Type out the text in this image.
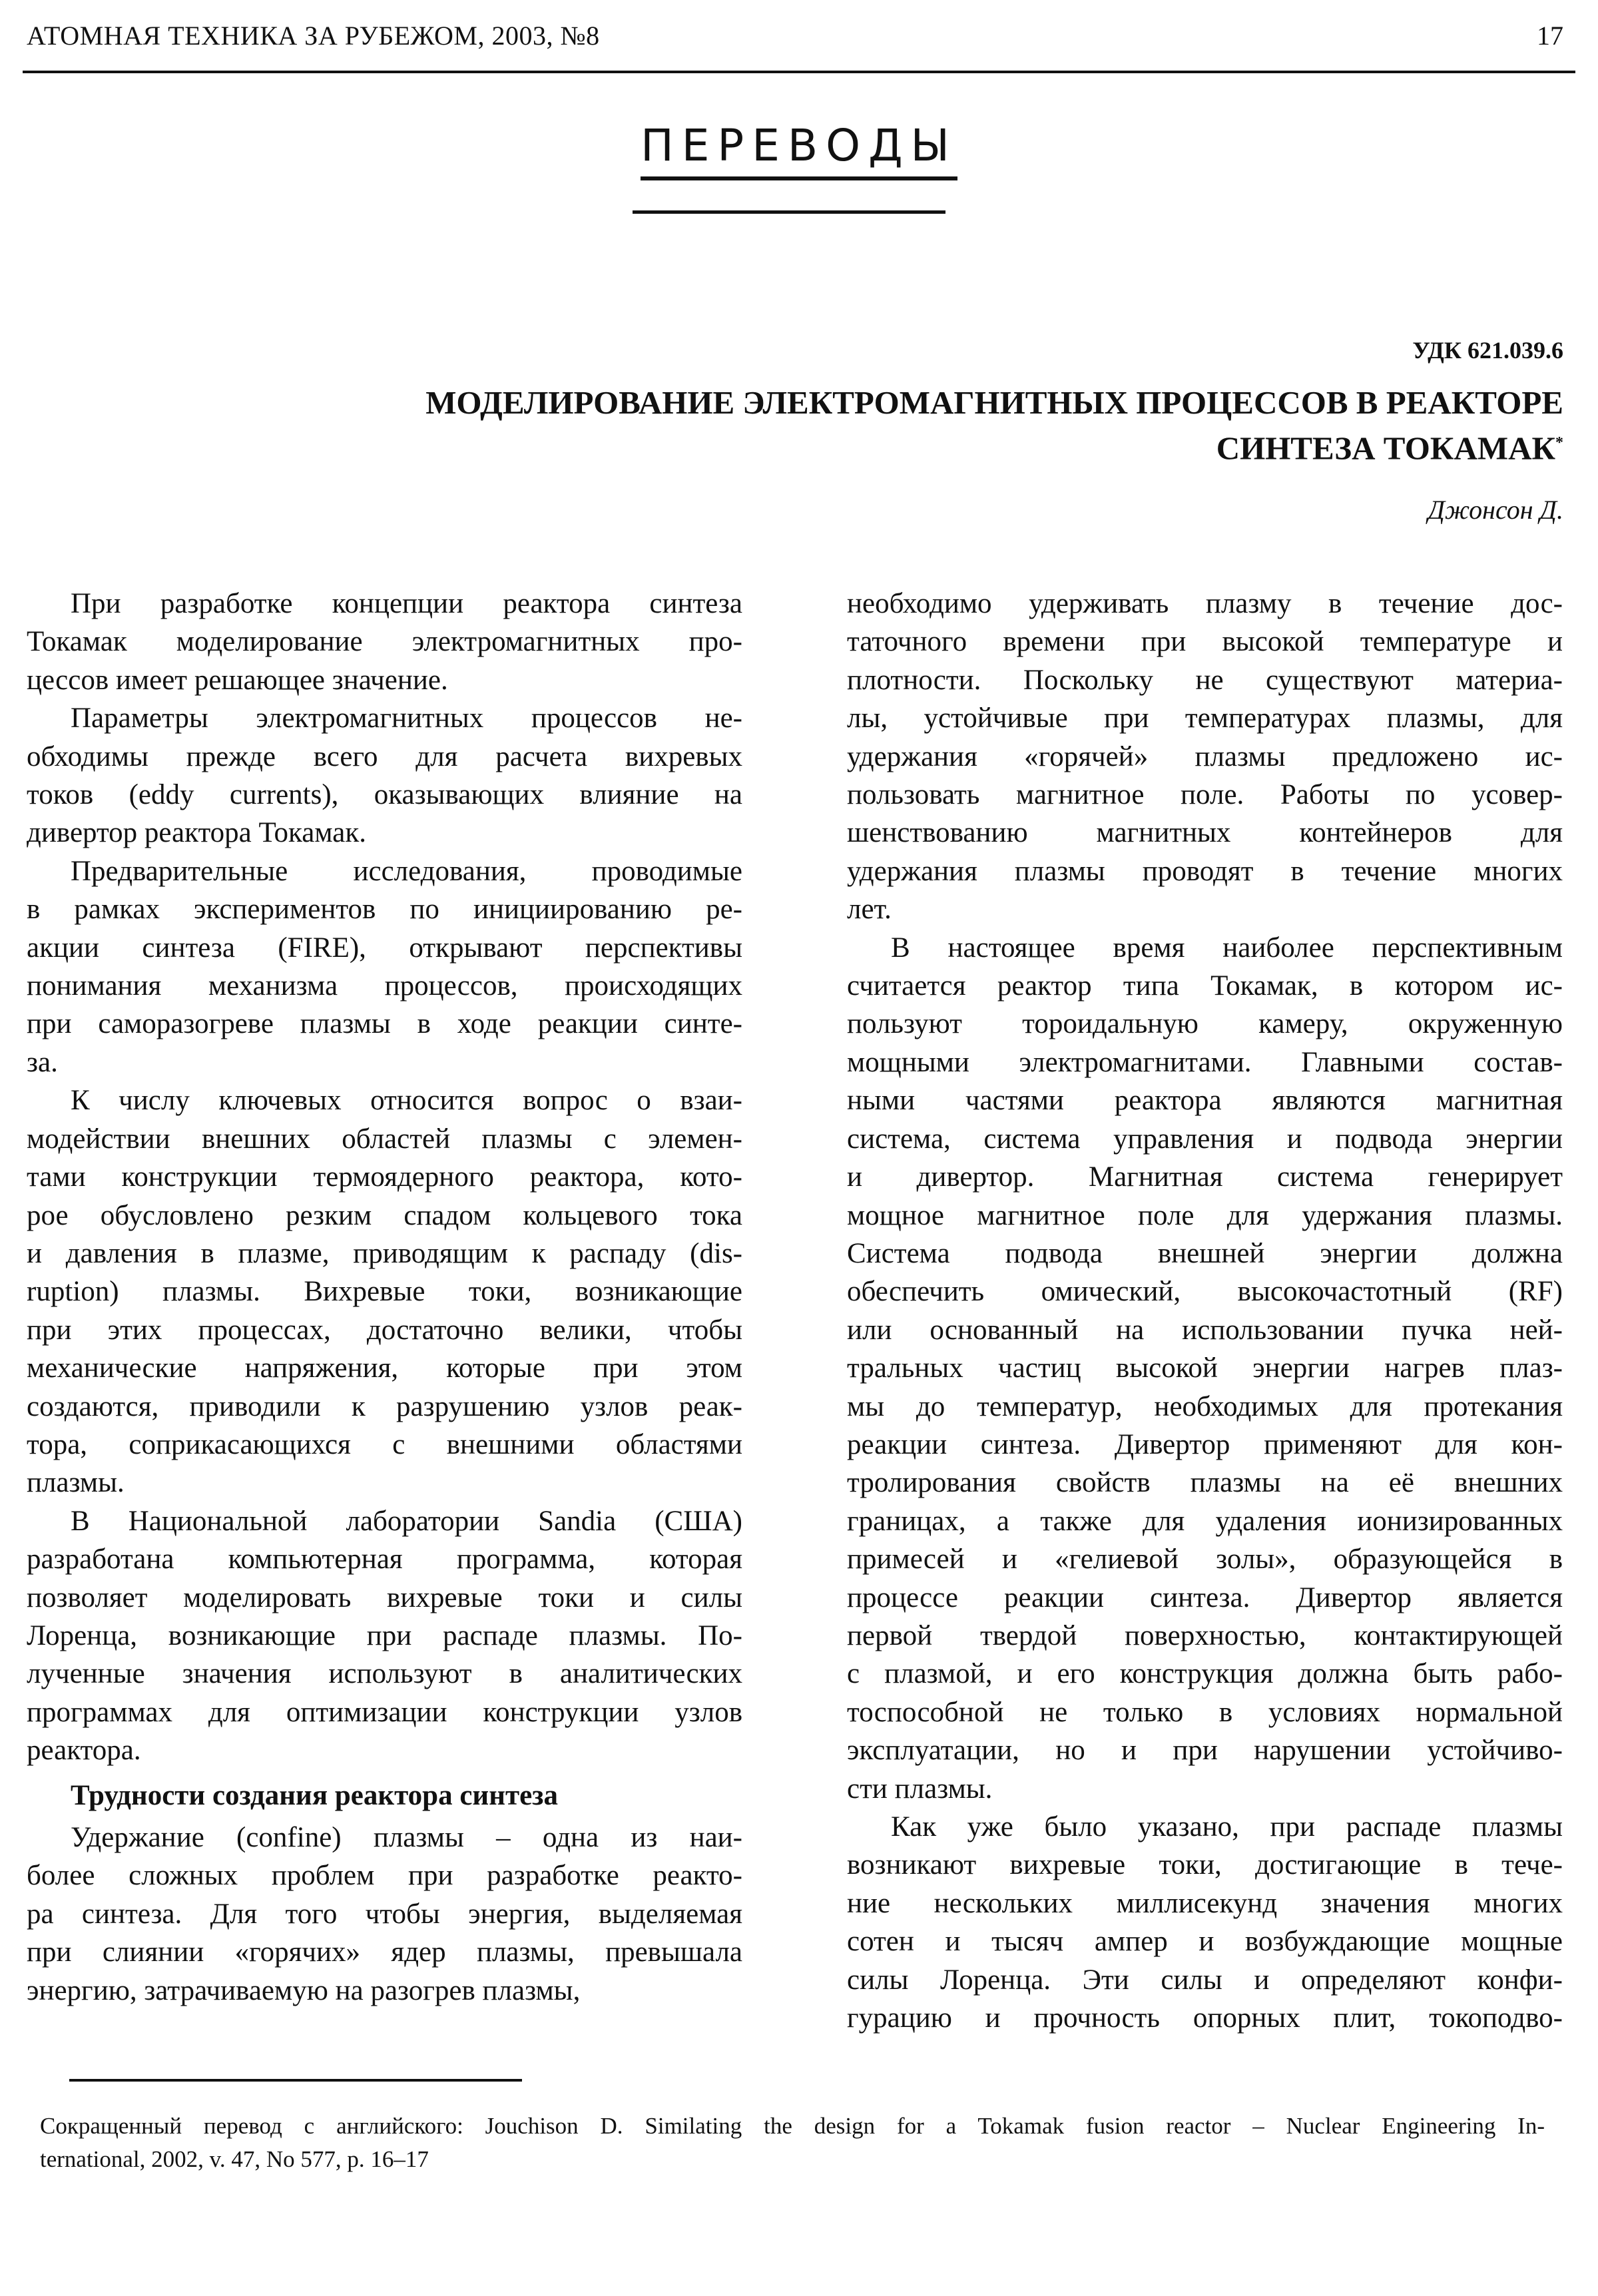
АТОМНАЯ ТЕХНИКА ЗА РУБЕЖОМ, 2003, №8	17
ПЕРЕВОДЫ
УДК 621.039.6
МОДЕЛИРОВАНИЕ ЭЛЕКТРОМАГНИТНЫХ ПРОЦЕССОВ В РЕАКТОРЕ
СИНТЕЗА ТОКАМАК*
Джонсон Д.
При разработке концепции реактора синтеза
Токамак моделирование электромагнитных про-
цессов имеет решающее значение.
Параметры электромагнитных процессов не-
обходимы прежде всего для расчета вихревых
токов (eddy currents), оказывающих влияние на
дивертор реактора Токамак.
Предварительные исследования, проводимые
в рамках экспериментов по инициированию ре-
акции синтеза (FIRE), открывают перспективы
понимания механизма процессов, происходящих
при саморазогреве плазмы в ходе реакции синте-
за.
К числу ключевых относится вопрос о взаи-
модействии внешних областей плазмы с элемен-
тами конструкции термоядерного реактора, кото-
рое обусловлено резким спадом кольцевого тока
и давления в плазме, приводящим к распаду (dis-
ruption) плазмы. Вихревые токи, возникающие
при этих процессах, достаточно велики, чтобы
механические напряжения, которые при этом
создаются, приводили к разрушению узлов реак-
тора, соприкасающихся с внешними областями
плазмы.
В Национальной лаборатории Sandia (США)
разработана компьютерная программа, которая
позволяет моделировать вихревые токи и силы
Лоренца, возникающие при распаде плазмы. По-
лученные значения используют в аналитических
программах для оптимизации конструкции узлов
реактора.
Трудности создания реактора синтеза
Удержание (confine) плазмы – одна из наи-
более сложных проблем при разработке реакто-
ра синтеза. Для того чтобы энергия, выделяемая
при слиянии «горячих» ядер плазмы, превышала
энергию, затрачиваемую на разогрев плазмы,
необходимо удерживать плазму в течение дос-
таточного времени при высокой температуре и
плотности. Поскольку не существуют материа-
лы, устойчивые при температурах плазмы, для
удержания «горячей» плазмы предложено ис-
пользовать магнитное поле. Работы по усовер-
шенствованию магнитных контейнеров для
удержания плазмы проводят в течение многих
лет.
В настоящее время наиболее перспективным
считается реактор типа Токамак, в котором ис-
пользуют тороидальную камеру, окруженную
мощными электромагнитами. Главными состав-
ными частями реактора являются магнитная
система, система управления и подвода энергии
и дивертор. Магнитная система генерирует
мощное магнитное поле для удержания плазмы.
Система подвода внешней энергии должна
обеспечить омический, высокочастотный (RF)
или основанный на использовании пучка ней-
тральных частиц высокой энергии нагрев плаз-
мы до температур, необходимых для протекания
реакции синтеза. Дивертор применяют для кон-
тролирования свойств плазмы на её внешних
границах, а также для удаления ионизированных
примесей и «гелиевой золы», образующейся в
процессе реакции синтеза. Дивертор является
первой твердой поверхностью, контактирующей
с плазмой, и его конструкция должна быть рабо-
тоспособной не только в условиях нормальной
эксплуатации, но и при нарушении устойчиво-
сти плазмы.
Как уже было указано, при распаде плазмы
возникают вихревые токи, достигающие в тече-
ние нескольких миллисекунд значения многих
сотен и тысяч ампер и возбуждающие мощные
силы Лоренца. Эти силы и определяют конфи-
гурацию и прочность опорных плит, токоподво-
Сокращенный перевод с английского: Jouchison D. Similating the design for a Tokamak fusion reactor – Nuclear Engineering In-
ternational, 2002, v. 47, No 577, p. 16–17
